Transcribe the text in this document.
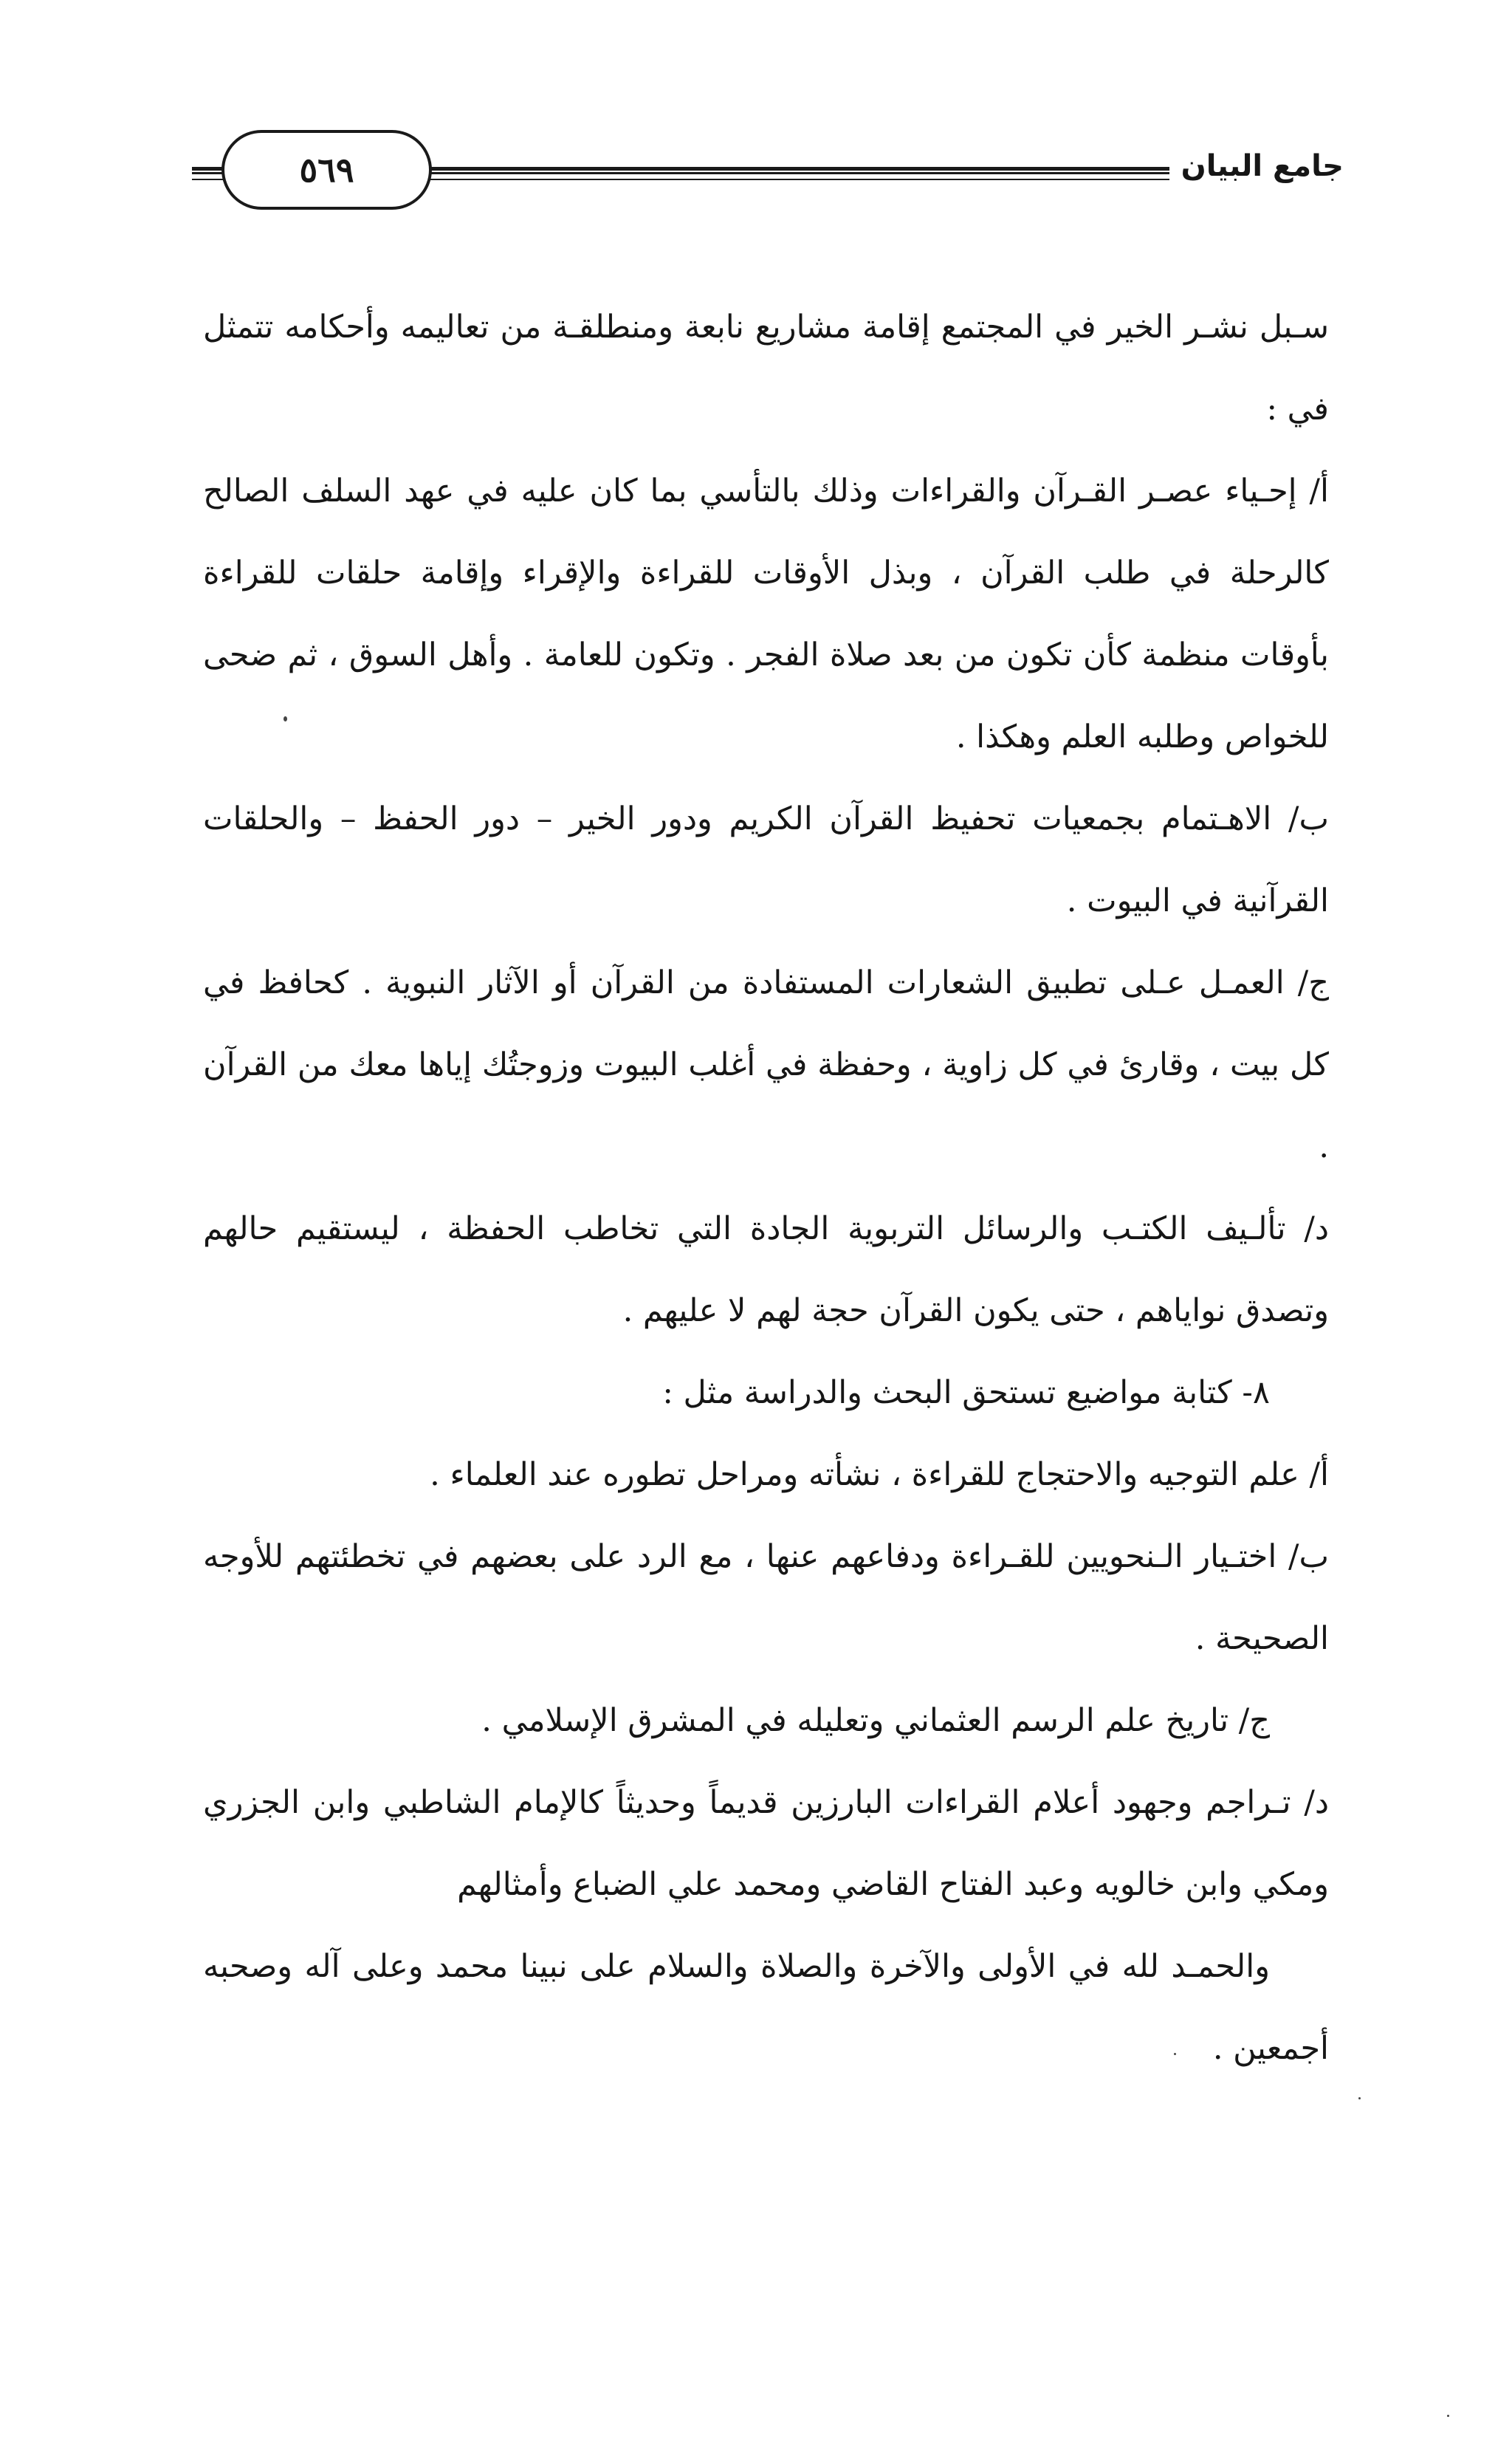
٥٦٩	جامع البيان

سـبل نشـر الخير في المجتمع إقامة مشاريع نابعة ومنطلقـة من تعاليمه وأحكامه تتمثل في :

أ/ إحـياء عصـر القـرآن والقراءات وذلك بالتأسي بما كان عليه في عهد السلف الصالح كالرحلة في طلب القرآن ، وبذل الأوقات للقراءة والإقراء وإقامة حلقات للقراءة بأوقات منظمة كأن تكون من بعد صلاة الفجر . وتكون للعامة . وأهل السوق ، ثم ضحى للخواص وطلبه العلم وهكذا .

ب/ الاهـتمام بجمعيات تحفيظ القرآن الكريم ودور الخير – دور الحفظ – والحلقات القرآنية في البيوت .

ج/ العمـل عـلى تطبيق الشعارات المستفادة من القرآن أو الآثار النبوية . كحافظ في كل بيت ، وقارئ في كل زاوية ، وحفظة في أغلب البيوت وزوجتُك إياها معك من القرآن .

د/ تألـيف الكتـب والرسائل التربوية الجادة التي تخاطب الحفظة ، ليستقيم حالهم وتصدق نواياهم ، حتى يكون القرآن حجة لهم لا عليهم .

٨- كتابة مواضيع تستحق البحث والدراسة مثل :

أ/ علم التوجيه والاحتجاج للقراءة ، نشأته ومراحل تطوره عند العلماء .

ب/ اختـيار الـنحويين للقـراءة ودفاعهم عنها ، مع الرد على بعضهم في تخطئتهم للأوجه الصحيحة .

ج/ تاريخ علم الرسم العثماني وتعليله في المشرق الإسلامي .

د/ تـراجم وجهود أعلام القراءات البارزين قديماً وحديثاً كالإمام الشاطبي وابن الجزري ومكي وابن خالويه وعبد الفتاح القاضي ومحمد علي الضباع وأمثالهم

والحمـد لله في الأولى والآخرة والصلاة والسلام على نبينا محمد وعلى آله وصحبه أجمعين .
